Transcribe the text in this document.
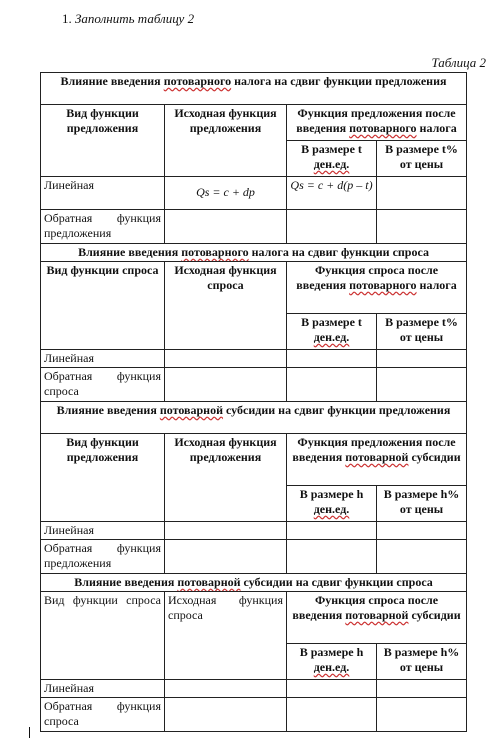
1. Заполнить таблицу 2
Таблица 2
Влияние введения потоварного налога на сдвиг функции предложения			
Вид функции предложения	Исходная функция предложения	Функция предложения после введения потоварного налога	
		В размере t ден.ед.	В размере t% от цены
Линейная	Qs = c + dp	Qs = c + d(p – t)	
Обратная функция предложения			
Влияние введения потоварного налога на сдвиг функции спроса			
Вид функции спроса	Исходная функция спроса	Функция спроса после введения потоварного налога	
		В размере t ден.ед.	В размере t% от цены
Линейная			
Обратная функция спроса			
Влияние введения потоварной субсидии на сдвиг функции предложения			
Вид функции предложения	Исходная функция предложения	Функция предложения после введения потоварной субсидии	
		В размере h ден.ед.	В размере h% от цены
Линейная			
Обратная функция предложения			
Влияние введения потоварной субсидии на сдвиг функции спроса			
Вид функции спроса	Исходная функция спроса	Функция спроса после введения потоварной субсидии	
		В размере h ден.ед.	В размере h% от цены
Линейная			
Обратная функция спроса			
